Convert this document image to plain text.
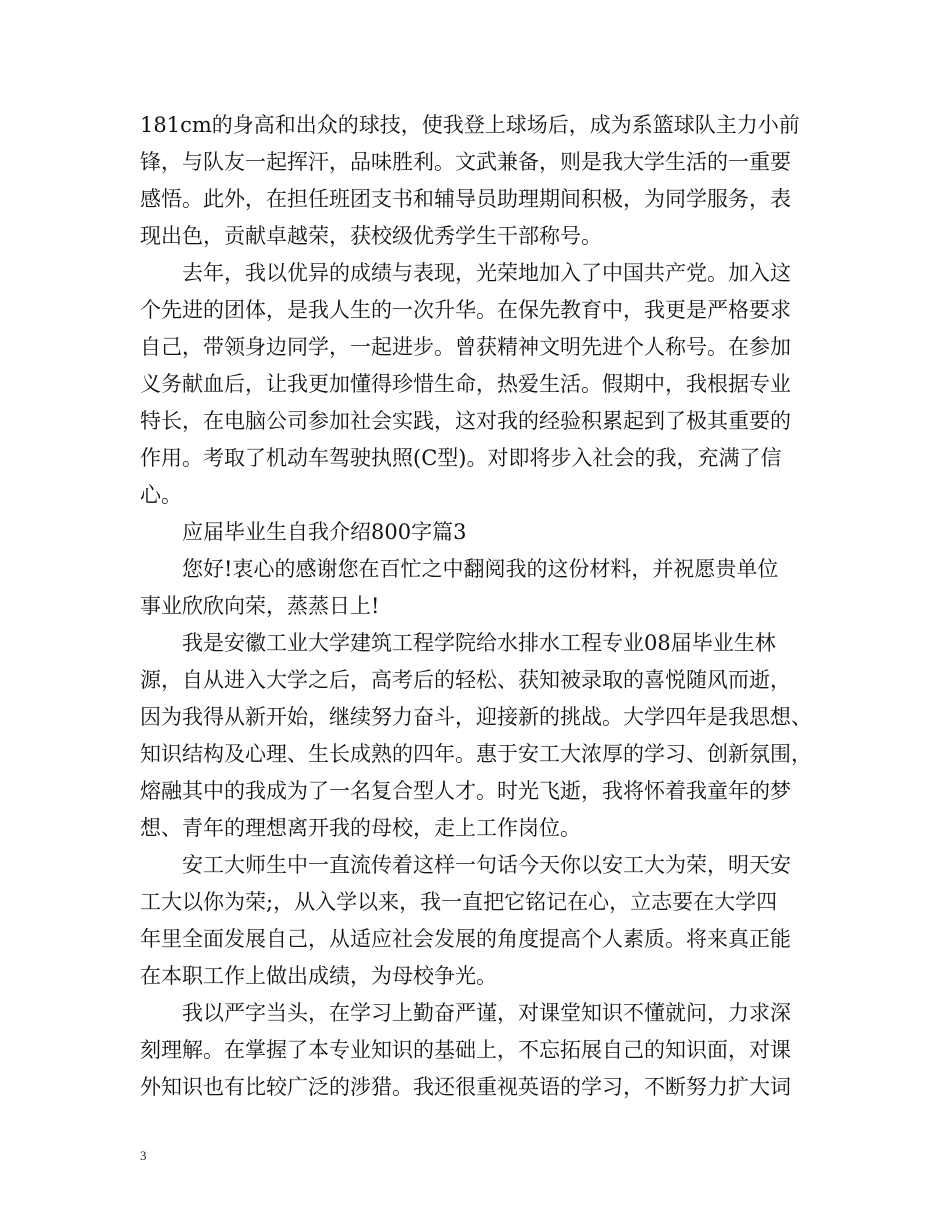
181cm的身高和出众的球技，使我登上球场后，成为系篮球队主力小前
锋，与队友一起挥汗，品味胜利。文武兼备，则是我大学生活的一重要
感悟。此外，在担任班团支书和辅导员助理期间积极，为同学服务，表
现出色，贡献卓越荣，获校级优秀学生干部称号。
去年，我以优异的成绩与表现，光荣地加入了中国共产党。加入这
个先进的团体，是我人生的一次升华。在保先教育中，我更是严格要求
自己，带领身边同学，一起进步。曾获精神文明先进个人称号。在参加
义务献血后，让我更加懂得珍惜生命，热爱生活。假期中，我根据专业
特长，在电脑公司参加社会实践，这对我的经验积累起到了极其重要的
作用。考取了机动车驾驶执照(C型)。对即将步入社会的我，充满了信
心。
应届毕业生自我介绍800字篇3
您好!衷心的感谢您在百忙之中翻阅我的这份材料，并祝愿贵单位
事业欣欣向荣，蒸蒸日上!
我是安徽工业大学建筑工程学院给水排水工程专业08届毕业生林
源，自从进入大学之后，高考后的轻松、获知被录取的喜悦随风而逝，
因为我得从新开始，继续努力奋斗，迎接新的挑战。大学四年是我思想、
知识结构及心理、生长成熟的四年。惠于安工大浓厚的学习、创新氛围，
熔融其中的我成为了一名复合型人才。时光飞逝，我将怀着我童年的梦
想、青年的理想离开我的母校，走上工作岗位。
安工大师生中一直流传着这样一句话今天你以安工大为荣，明天安
工大以你为荣;，从入学以来，我一直把它铭记在心，立志要在大学四
年里全面发展自己，从适应社会发展的角度提高个人素质。将来真正能
在本职工作上做出成绩，为母校争光。
我以严字当头，在学习上勤奋严谨，对课堂知识不懂就问，力求深
刻理解。在掌握了本专业知识的基础上，不忘拓展自己的知识面，对课
外知识也有比较广泛的涉猎。我还很重视英语的学习，不断努力扩大词
3
